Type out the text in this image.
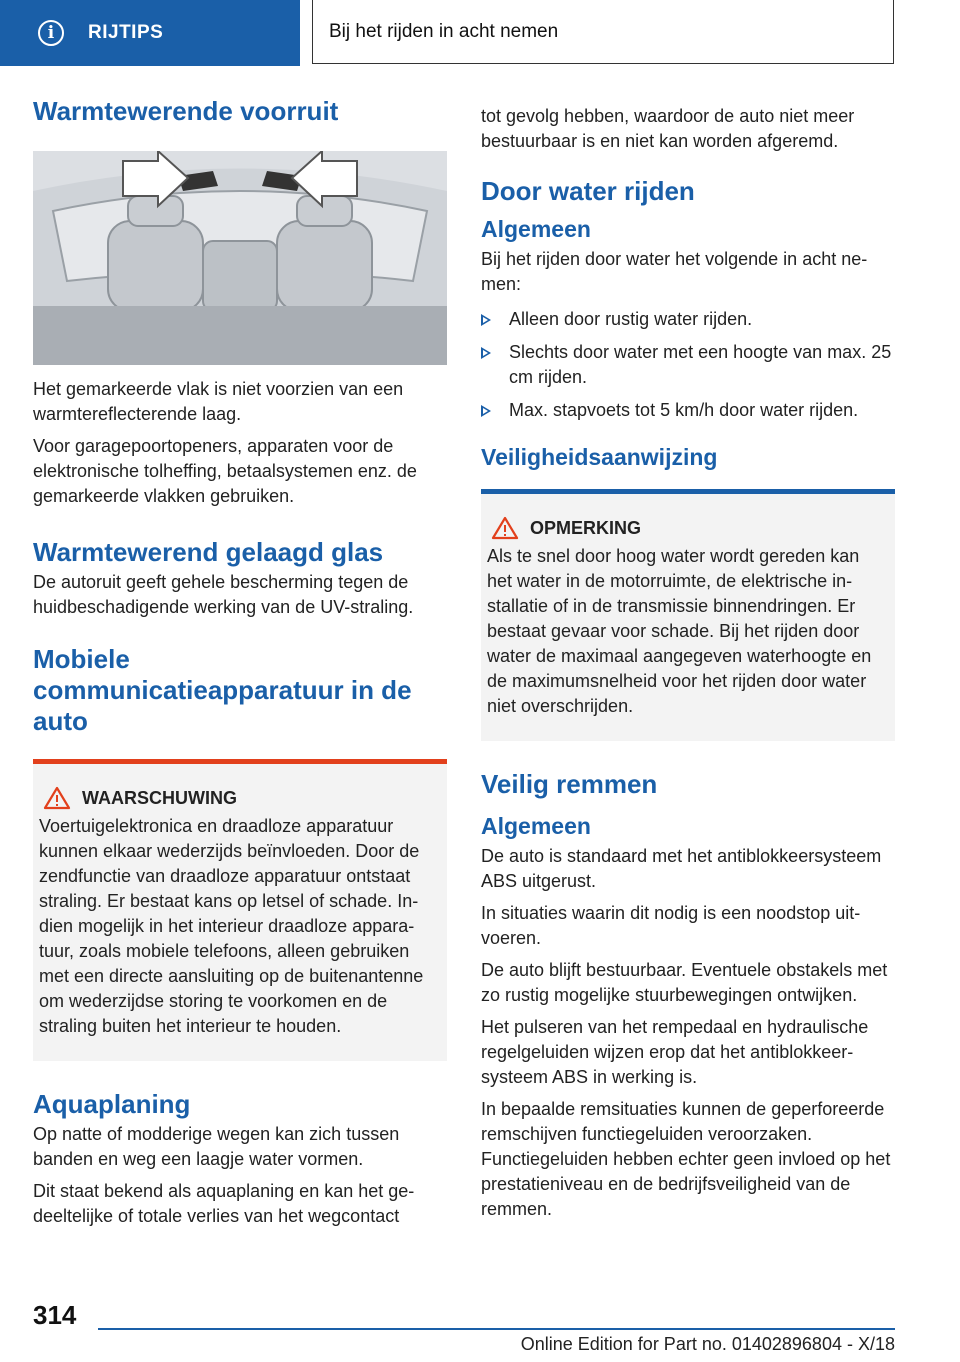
i	RIJTIPS	Bij het rijden in acht nemen
Warmtewerende voorruit

Het gemarkeerde vlak is niet voorzien van een warmtereflecterende laag.

Voor garagepoortopeners, apparaten voor de elektronische tolheffing, betaalsystemen enz. de gemarkeerde vlakken gebruiken.

Warmtewerend gelaagd glas

De autoruit geeft gehele bescherming tegen de huidbeschadigende werking van de UV-straling.

Mobiele communicatieapparatuur in de auto
WAARSCHUWING

Voertuigelektronica en draadloze apparatuur kunnen elkaar wederzijds beïnvloeden. Door de zendfunctie van draadloze apparatuur ontstaat straling. Er bestaat kans op letsel of schade. Indien mogelijk in het interieur draadloze apparatuur, zoals mobiele telefoons, alleen gebruiken met een directe aansluiting op de buitenantenne om wederzijdse storing te voorkomen en de straling buiten het interieur te houden.

Aquaplaning

Op natte of modderige wegen kan zich tussen banden en weg een laagje water vormen.

Dit staat bekend als aquaplaning en kan het gedeeltelijke of totale verlies van het wegcontact

tot gevolg hebben, waardoor de auto niet meer bestuurbaar is en niet kan worden afgeremd.

Door water rijden
Algemeen

Bij het rijden door water het volgende in acht nemen:

Alleen door rustig water rijden.
Slechts door water met een hoogte van max. 25 cm rijden.
Max. stapvoets tot 5 km/h door water rijden.
Veiligheidsaanwijzing
OPMERKING

Als te snel door hoog water wordt gereden kan het water in de motorruimte, de elektrische installatie of in de transmissie binnendringen. Er bestaat gevaar voor schade. Bij het rijden door water de maximaal aangegeven waterhoogte en de maximumsnelheid voor het rijden door water niet overschrijden.

Veilig remmen
Algemeen

De auto is standaard met het antiblokkeersysteem ABS uitgerust.

In situaties waarin dit nodig is een noodstop uitvoeren.

De auto blijft bestuurbaar. Eventuele obstakels met zo rustig mogelijke stuurbewegingen ontwijken.

Het pulseren van het rempedaal en hydraulische regelgeluiden wijzen erop dat het antiblokkeersysteem ABS in werking is.

In bepaalde remsituaties kunnen de geperforeerde remschijven functiegeluiden veroorzaken. Functiegeluiden hebben echter geen invloed op het prestatieniveau en de bedrijfsveiligheid van de remmen.

314
Online Edition for Part no. 01402896804 - X/18
